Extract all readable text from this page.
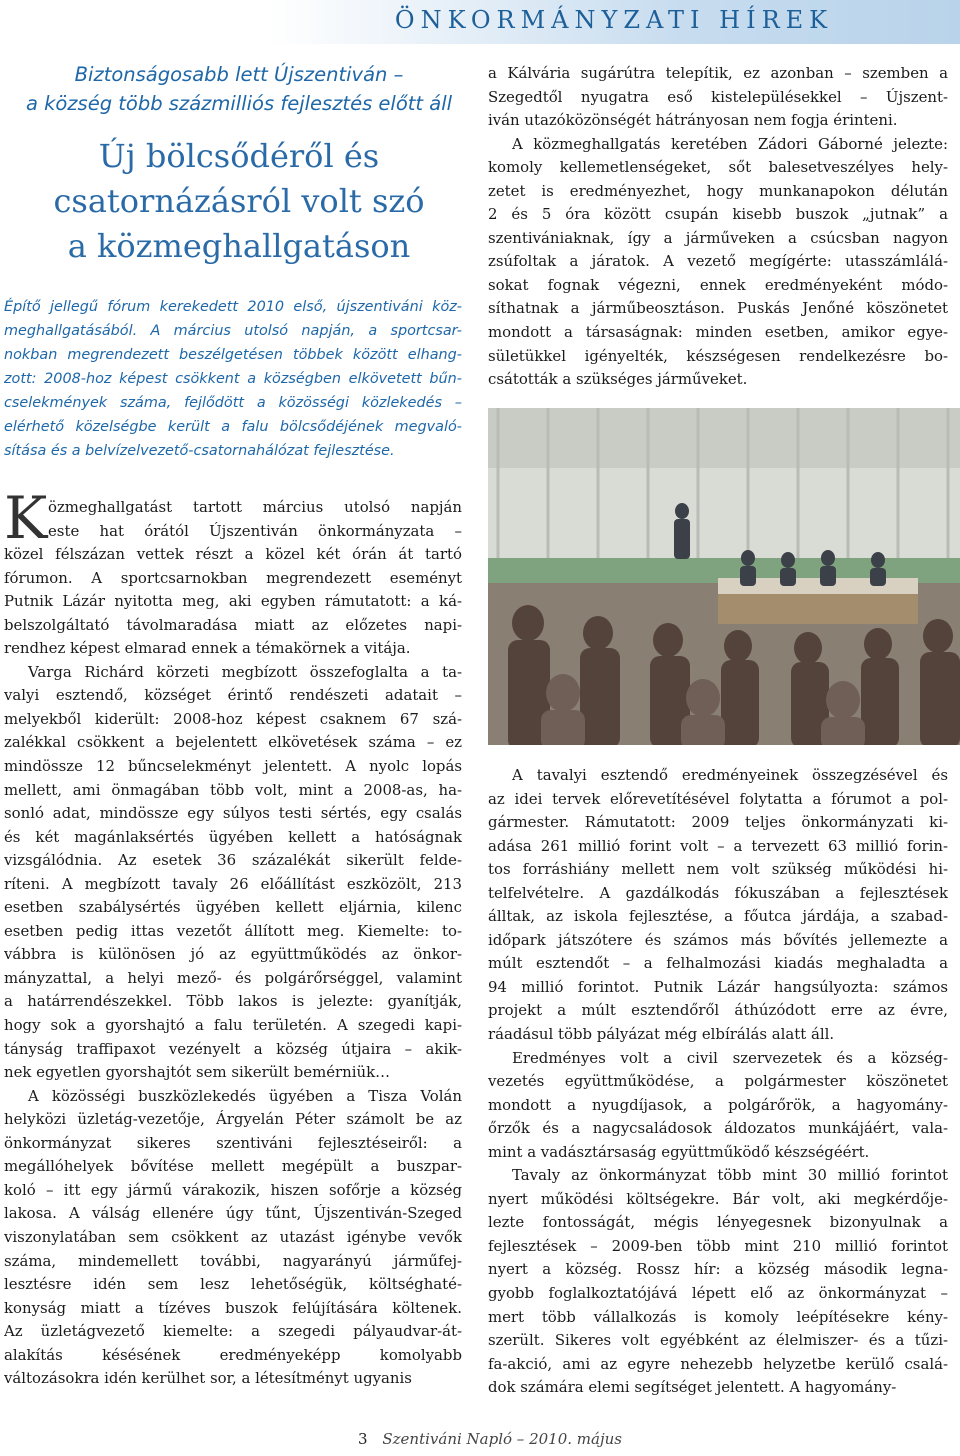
ÖNKORMÁNYZATI HÍREK
Biztonságosabb lett Újszentiván –
a község több százmilliós fejlesztés előtt áll
Új bölcsődéről és
csatornázásról volt szó
a közmeghallgatáson
Építő jellegű fórum kerekedett 2010 első, újszentiváni köz-
meghallgatásából. A március utolsó napján, a sportcsar-
nokban megrendezett beszélgetésen többek között elhang-
zott: 2008-hoz képest csökkent a községben elkövetett bűn-
cselekmények száma, fejlődött a közösségi közlekedés –
elérhető közelségbe került a falu bölcsődéjének megvaló-
sítása és a belvízelvezető-csatornahálózat fejlesztése.
K özmeghallgatást tartott március utolsó napján
este hat órától Újszentiván önkormányzata –
közel félszázan vettek részt a közel két órán át tartó
fórumon. A sportcsarnokban megrendezett eseményt
Putnik Lázár nyitotta meg, aki egyben rámutatott: a ká-
belszolgáltató távolmaradása miatt az előzetes napi-
rendhez képest elmarad ennek a témakörnek a vitája.
Varga Richárd körzeti megbízott összefoglalta a ta-
valyi esztendő, községet érintő rendészeti adatait –
melyekből kiderült: 2008-hoz képest csaknem 67 szá-
zalékkal csökkent a bejelentett elkövetések száma – ez
mindössze 12 bűncselekményt jelentett. A nyolc lopás
mellett, ami önmagában több volt, mint a 2008-as, ha-
sonló adat, mindössze egy súlyos testi sértés, egy csalás
és két magánlaksértés ügyében kellett a hatóságnak
vizsgálódnia. Az esetek 36 százalékát sikerült felde-
ríteni. A megbízott tavaly 26 előállítást eszközölt, 213
esetben szabálysértés ügyében kellett eljárnia, kilenc
esetben pedig ittas vezetőt állított meg. Kiemelte: to-
vábbra is különösen jó az együttműködés az önkor-
mányzattal, a helyi mező- és polgárőrséggel, valamint
a határrendészekkel. Több lakos is jelezte: gyanítják,
hogy sok a gyorshajtó a falu területén. A szegedi kapi-
tányság traffipaxot vezényelt a község útjaira – akik-
nek egyetlen gyorshajtót sem sikerült bemérniük…
A közösségi buszközlekedés ügyében a Tisza Volán
helyközi üzletág-vezetője, Árgyelán Péter számolt be az
önkormányzat sikeres szentiváni fejlesztéseiről: a
megállóhelyek bővítése mellett megépült a buszpar-
koló – itt egy jármű várakozik, hiszen sofőrje a község
lakosa. A válság ellenére úgy tűnt, Újszentiván-Szeged
viszonylatában sem csökkent az utazást igénybe vevők
száma, mindemellett további, nagyarányú járműfej-
lesztésre idén sem lesz lehetőségük, költséghaté-
konyság miatt a tízéves buszok felújítására költenek.
Az üzletágvezető kiemelte: a szegedi pályaudvar-át-
alakítás késésének eredményeképp komolyabb
változásokra idén kerülhet sor, a létesítményt ugyanis
a Kálvária sugárútra telepítik, ez azonban – szemben a
Szegedtől nyugatra eső kistelepülésekkel – Újszent-
iván utazóközönségét hátrányosan nem fogja érinteni.
A közmeghallgatás keretében Zádori Gáborné jelezte:
komoly kellemetlenségeket, sőt balesetveszélyes hely-
zetet is eredményezhet, hogy munkanapokon délután
2 és 5 óra között csupán kisebb buszok „jutnak” a
szentivániaknak, így a járműveken a csúcsban nagyon
zsúfoltak a járatok. A vezető megígérte: utasszámlálá-
sokat fognak végezni, ennek eredményeként módo-
síthatnak a járműbeosztáson. Puskás Jenőné köszönetet
mondott a társaságnak: minden esetben, amikor egye-
sületükkel igényelték, készségesen rendelkezésre bo-
csátották a szükséges járműveket.
A tavalyi esztendő eredményeinek összegzésével és
az idei tervek előrevetítésével folytatta a fórumot a pol-
gármester. Rámutatott: 2009 teljes önkormányzati ki-
adása 261 millió forint volt – a tervezett 63 millió forin-
tos forráshiány mellett nem volt szükség működési hi-
telfelvételre. A gazdálkodás fókuszában a fejlesztések
álltak, az iskola fejlesztése, a főutca járdája, a szabad-
időpark játszótere és számos más bővítés jellemezte a
múlt esztendőt – a felhalmozási kiadás meghaladta a
94 millió forintot. Putnik Lázár hangsúlyozta: számos
projekt a múlt esztendőről áthúzódott erre az évre,
ráadásul több pályázat még elbírálás alatt áll.
Eredményes volt a civil szervezetek és a község-
vezetés együttműködése, a polgármester köszönetet
mondott a nyugdíjasok, a polgárőrök, a hagyomány-
őrzők és a nagycsaládosok áldozatos munkájáért, vala-
mint a vadásztársaság együttműködő készségéért.
Tavaly az önkormányzat több mint 30 millió forintot
nyert működési költségekre. Bár volt, aki megkérdője-
lezte fontosságát, mégis lényegesnek bizonyulnak a
fejlesztések – 2009-ben több mint 210 millió forintot
nyert a község. Rossz hír: a község második legna-
gyobb foglalkoztatójává lépett elő az önkormányzat –
mert több vállalkozás is komoly leépítésekre kény-
szerült. Sikeres volt egyébként az élelmiszer- és a tűzi-
fa-akció, ami az egyre nehezebb helyzetbe kerülő csalá-
dok számára elemi segítséget jelentett. A hagyomány-
3 Szentiváni Napló – 2010. május
